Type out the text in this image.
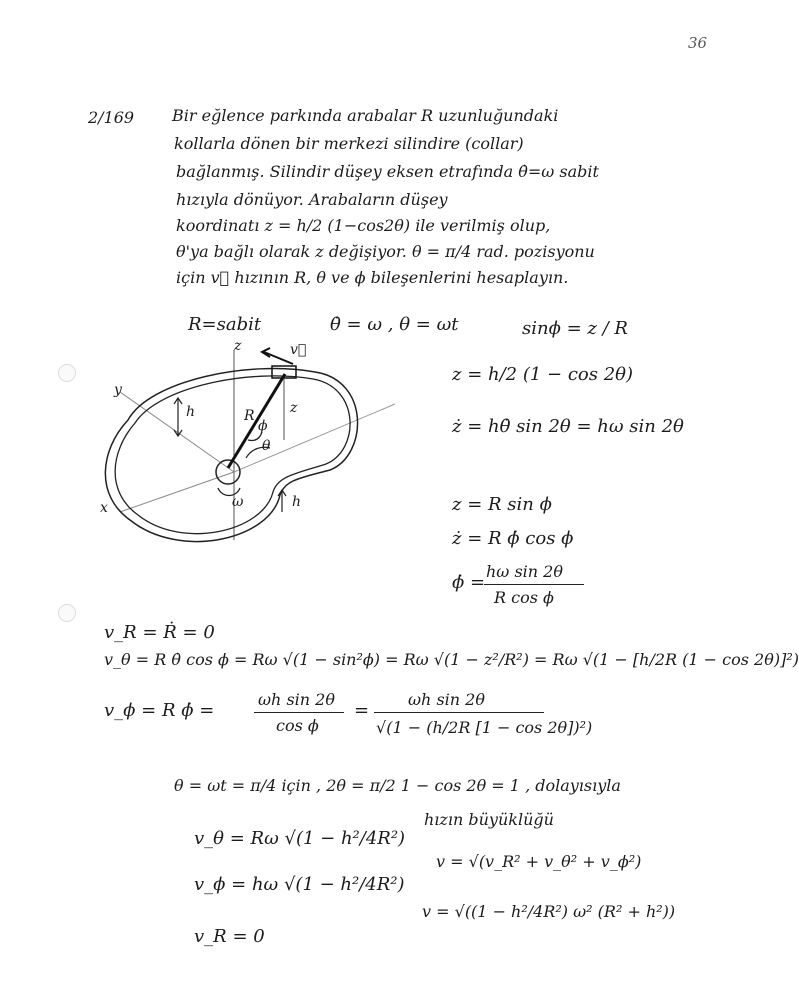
36
2/169 Bir eğlence parkında arabalar R uzunluğundaki
kollarla dönen bir merkezi silindire (collar)
bağlanmış. Silindir düşey eksen etrafında θ̇=ω sabit
hızıyla dönüyor. Arabaların düşey
koordinatı z = h/2 (1−cos2θ) ile verilmiş olup,
θ'ya bağlı olarak z değişiyor. θ = π/4 rad. pozisyonu
için v⃗ hızının R, θ ve ϕ bileşenlerini hesaplayın.
R=sabit	θ̇ = ω , θ = ωt	sinϕ = z / R
z
y
x
h
h
v⃗
R
ϕ
θ
z
ω
z = h/2 (1 − cos 2θ)
ż = hθ̇ sin 2θ = hω sin 2θ
z = R sin ϕ
ż = R ϕ̇ cos ϕ
ϕ̇ =
hω sin 2θ
R cos ϕ
v_R = Ṙ = 0
v_θ = R θ̇ cos ϕ = Rω √(1 − sin²ϕ) = Rω √(1 − z²/R²) = Rω √(1 − [h/2R (1 − cos 2θ)]²)
v_ϕ = R ϕ̇ =
ωh sin 2θ
cos ϕ
=
ωh sin 2θ
√(1 − (h/2R [1 − cos 2θ])²)
θ = ωt = π/4 için , 2θ = π/2 1 − cos 2θ = 1 , dolayısıyla
v_θ = Rω √(1 − h²/4R²)
v_ϕ = hω √(1 − h²/4R²)
v_R = 0
hızın büyüklüğü
v = √(v_R² + v_θ² + v_ϕ²)
v = √((1 − h²/4R²) ω² (R² + h²))
